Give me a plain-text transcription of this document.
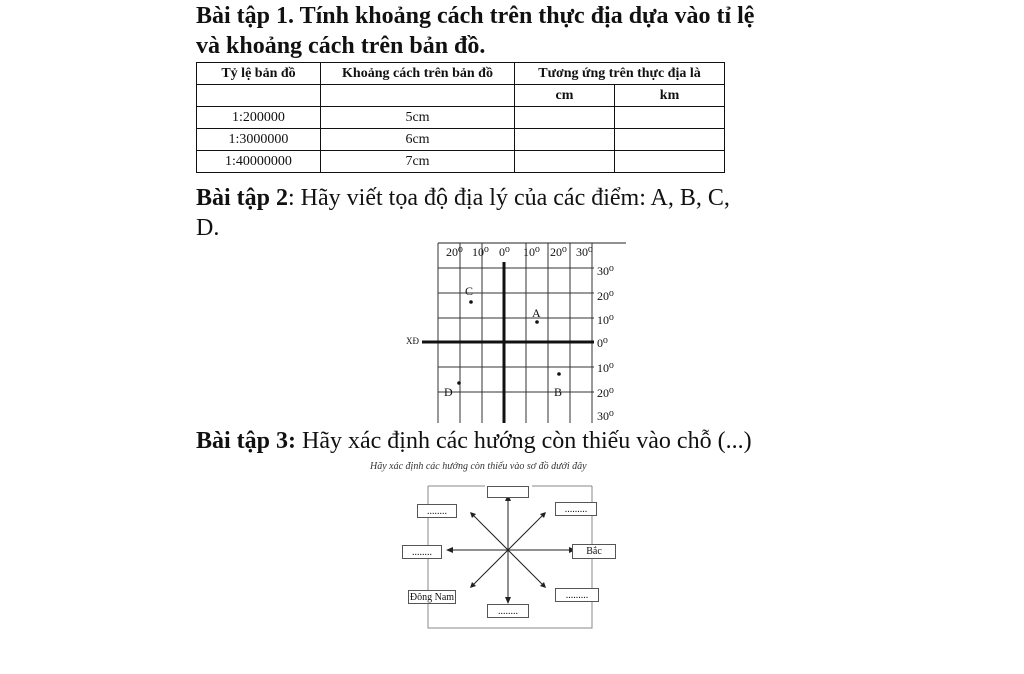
Bài tập 1. Tính khoảng cách trên thực địa dựa vào tỉ lệ
và khoảng cách trên bản đồ.
Tỷ lệ bản đồ	Khoảng cách trên bản đồ	Tương ứng trên thực địa là	
		cm	km
1:200000	5cm		
1:3000000	6cm		
1:40000000	7cm		
Bài tập 2: Hãy viết tọa độ địa lý của các điểm: A, B, C,
D.
20⁰ 10⁰ 0⁰ 10⁰ 20⁰ 30⁰
30⁰
20⁰
10⁰
0⁰
10⁰
20⁰
30⁰
XĐ
C
A
B
D
Bài tập 3: Hãy xác định các hướng còn thiếu vào chỗ (...)
Hãy xác định các hướng còn thiếu vào sơ đồ dưới đây
........	.........
........	Bắc
Đông Nam	.........
........
